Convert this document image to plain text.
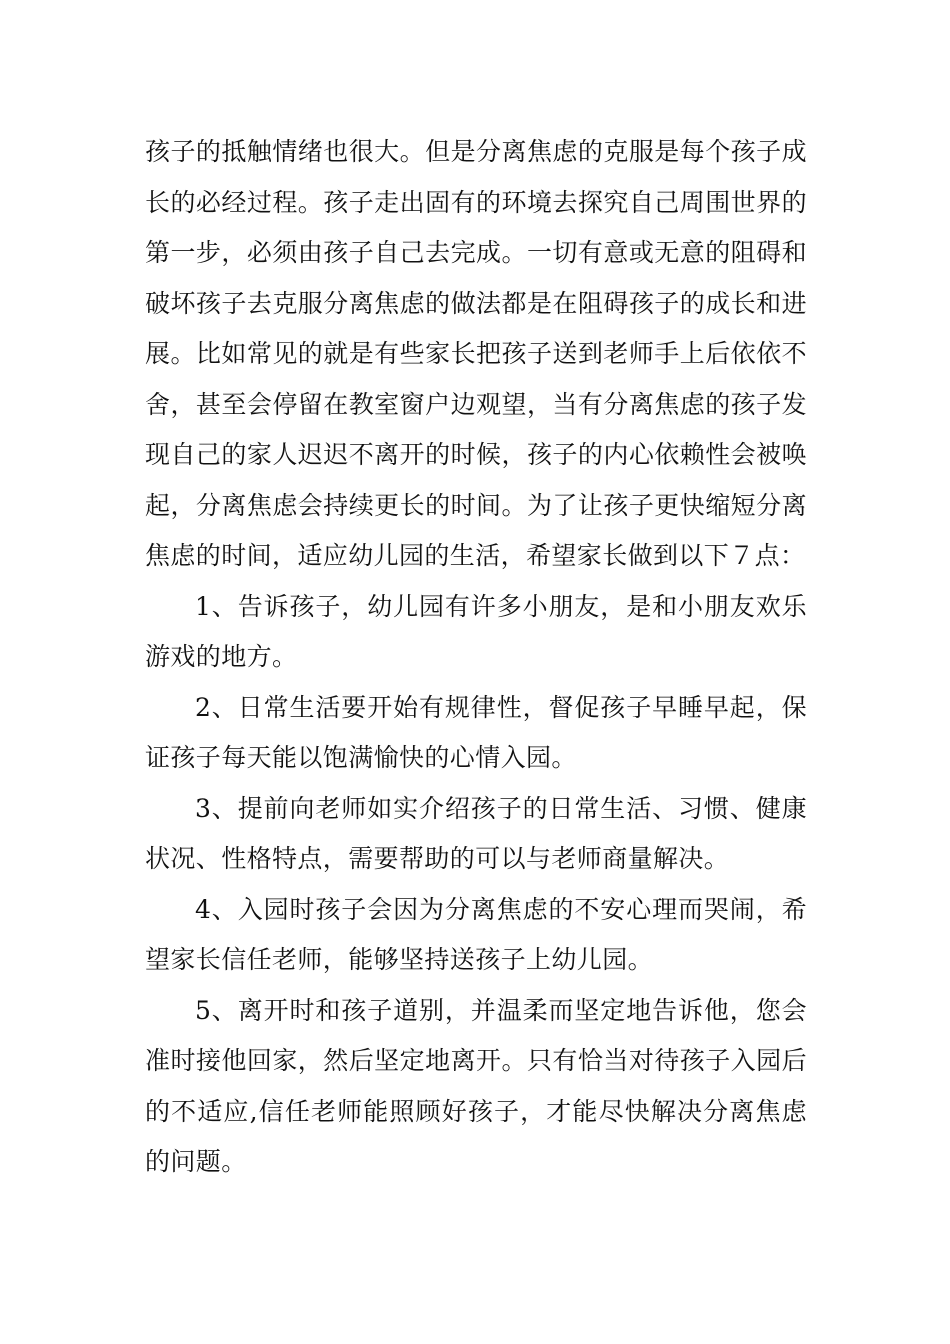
孩子的抵触情绪也很大。但是分离焦虑的克服是每个孩子成长的必经过程。孩子走出固有的环境去探究自己周围世界的第一步，必须由孩子自己去完成。一切有意或无意的阻碍和破坏孩子去克服分离焦虑的做法都是在阻碍孩子的成长和进展。比如常见的就是有些家长把孩子送到老师手上后依依不舍，甚至会停留在教室窗户边观望，当有分离焦虑的孩子发现自己的家人迟迟不离开的时候，孩子的内心依赖性会被唤起，分离焦虑会持续更长的时间。为了让孩子更快缩短分离焦虑的时间，适应幼儿园的生活，希望家长做到以下７点：

1、告诉孩子，幼儿园有许多小朋友，是和小朋友欢乐游戏的地方。

2、日常生活要开始有规律性，督促孩子早睡早起，保证孩子每天能以饱满愉快的心情入园。

3、提前向老师如实介绍孩子的日常生活、习惯、健康状况、性格特点，需要帮助的可以与老师商量解决。

4、入园时孩子会因为分离焦虑的不安心理而哭闹，希望家长信任老师，能够坚持送孩子上幼儿园。

5、离开时和孩子道别，并温柔而坚定地告诉他，您会准时接他回家，然后坚定地离开。只有恰当对待孩子入园后的不适应,信任老师能照顾好孩子，才能尽快解决分离焦虑的问题。
